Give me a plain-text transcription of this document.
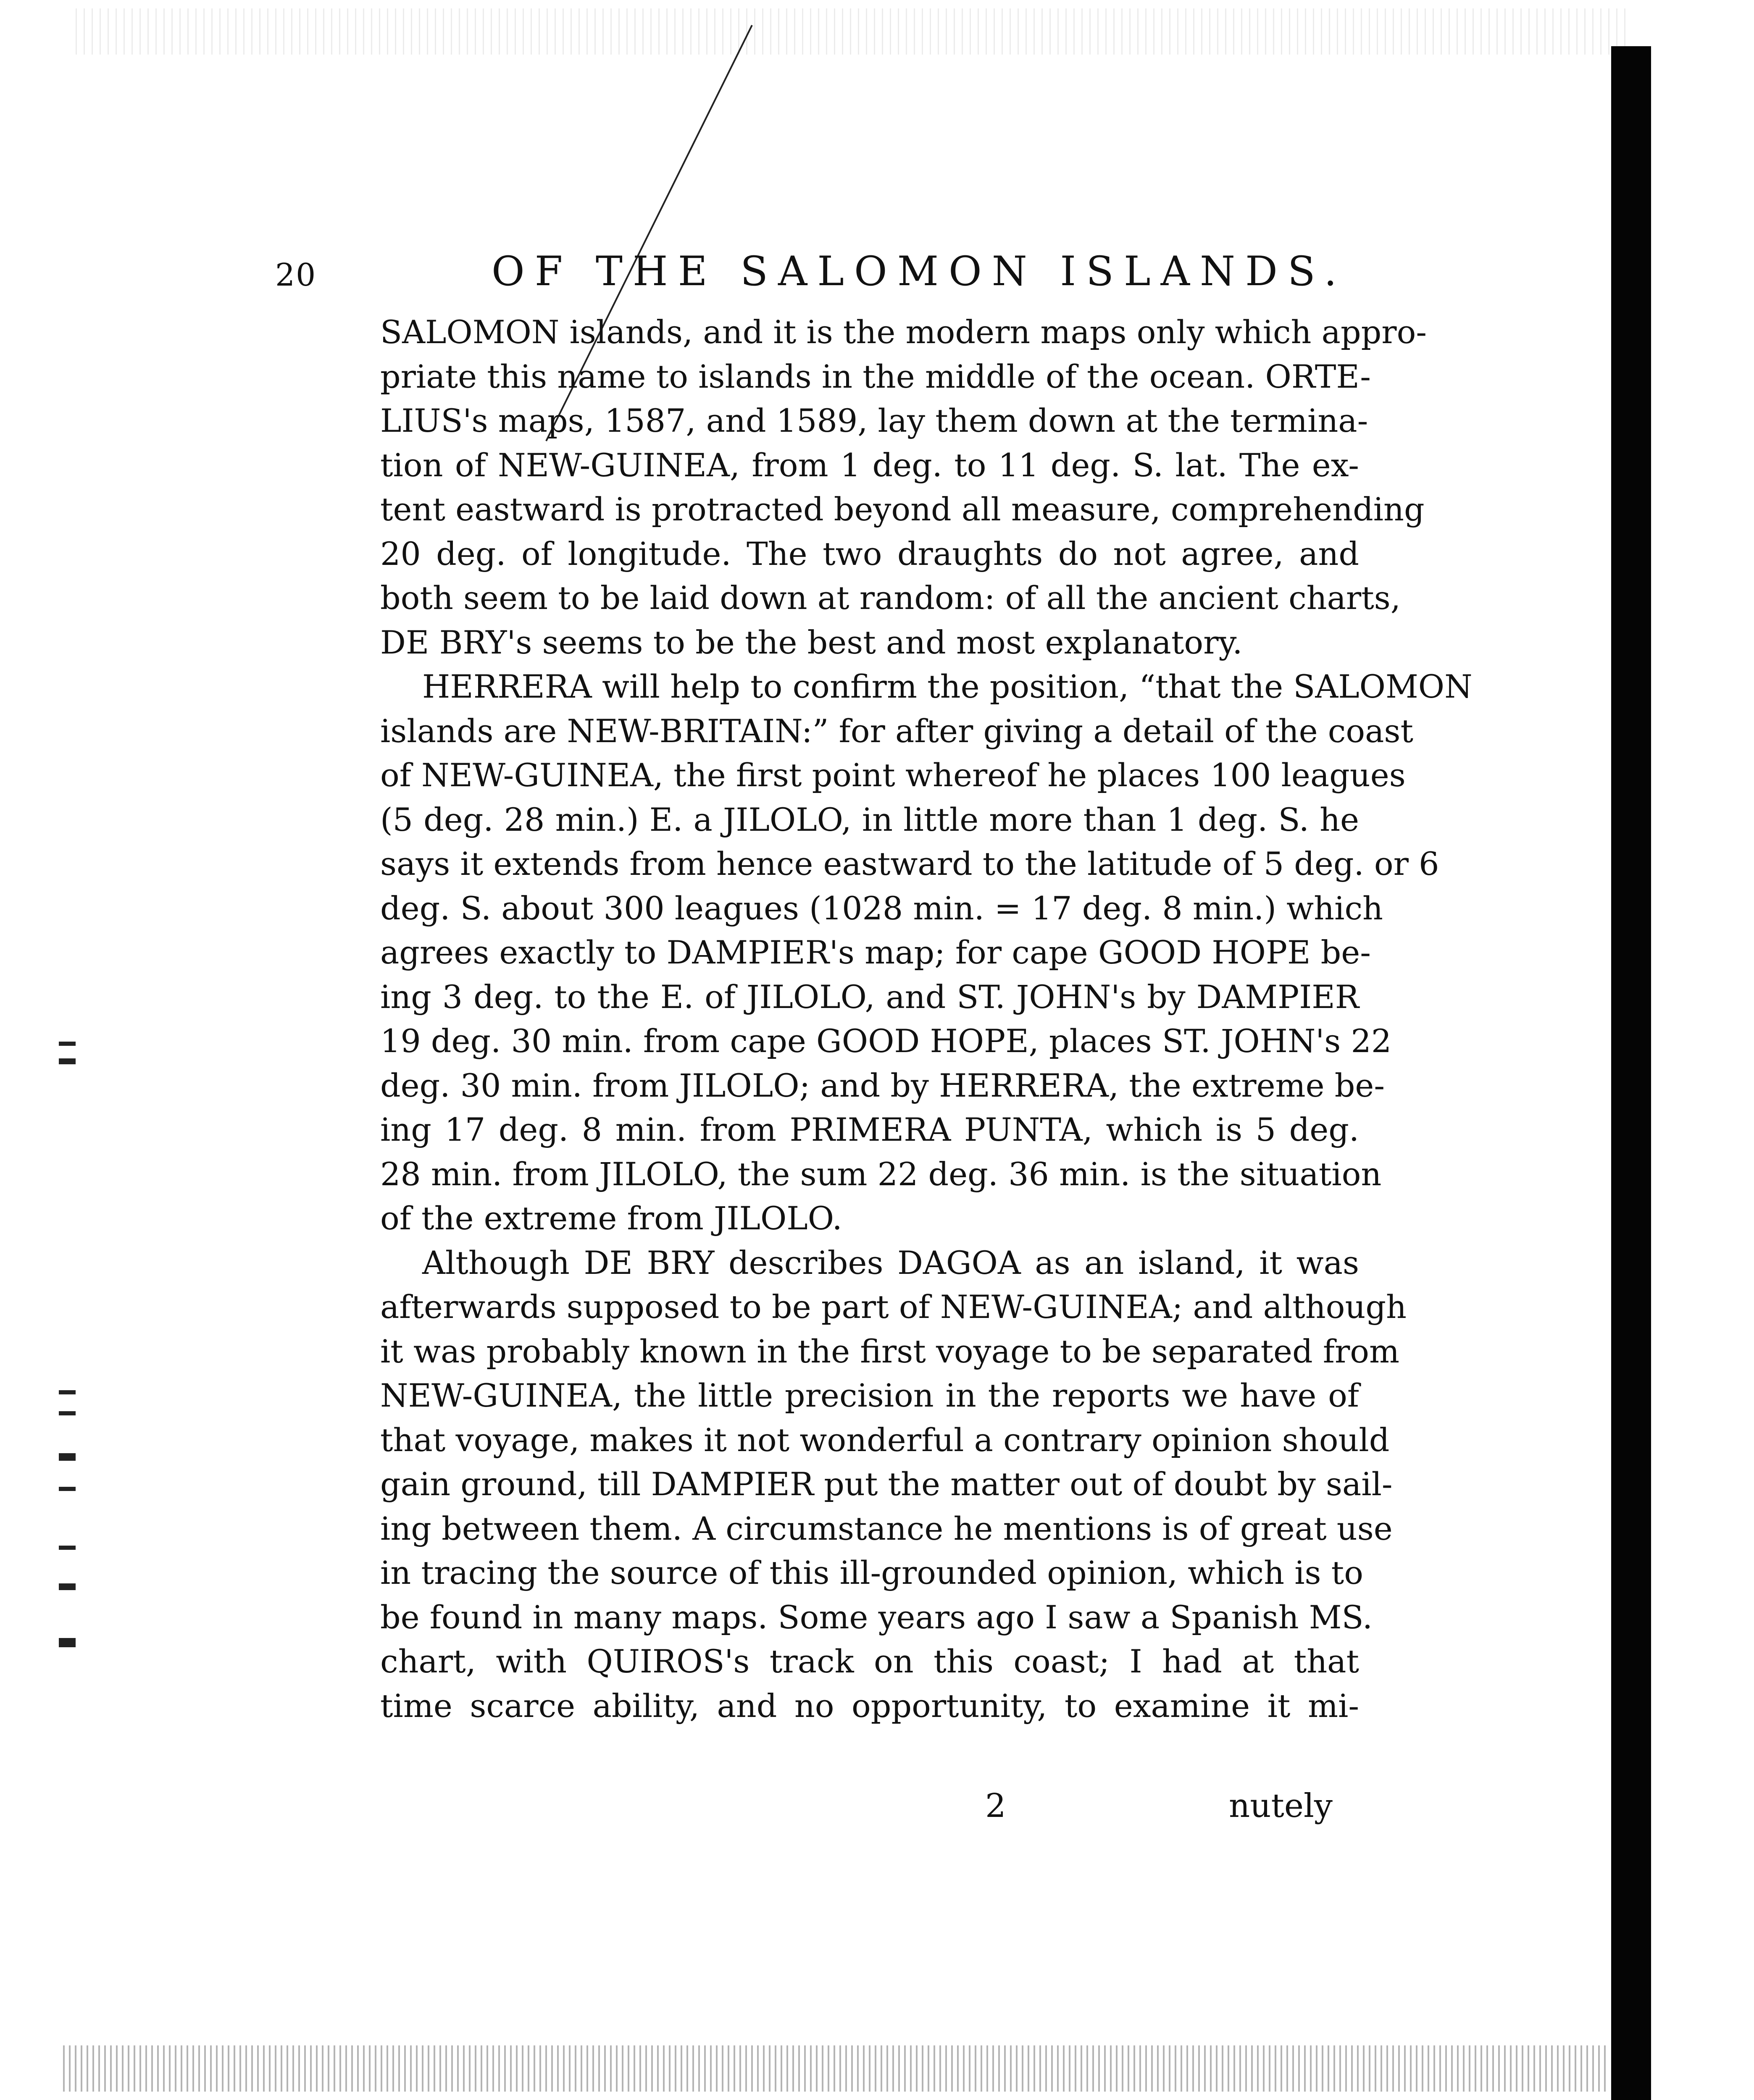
20	OF THE SALOMON ISLANDS.
SALOMON islands, and it is the modern maps only which appro-
priate this name to islands in the middle of the ocean. ORTE-
LIUS's maps, 1587, and 1589, lay them down at the termina-
tion of NEW-GUINEA, from 1 deg. to 11 deg. S. lat. The ex-
tent eastward is protracted beyond all measure, comprehending
20 deg. of longitude. The two draughts do not agree, and
both seem to be laid down at random: of all the ancient charts,
DE BRY's seems to be the best and most explanatory.
HERRERA will help to confirm the position, “that the SALOMON
islands are NEW-BRITAIN:” for after giving a detail of the coast
of NEW-GUINEA, the first point whereof he places 100 leagues
(5 deg. 28 min.) E. a JILOLO, in little more than 1 deg. S. he
says it extends from hence eastward to the latitude of 5 deg. or 6
deg. S. about 300 leagues (1028 min. = 17 deg. 8 min.) which
agrees exactly to DAMPIER's map; for cape GOOD HOPE be-
ing 3 deg. to the E. of JILOLO, and ST. JOHN's by DAMPIER
19 deg. 30 min. from cape GOOD HOPE, places ST. JOHN's 22
deg. 30 min. from JILOLO; and by HERRERA, the extreme be-
ing 17 deg. 8 min. from PRIMERA PUNTA, which is 5 deg.
28 min. from JILOLO, the sum 22 deg. 36 min. is the situation
of the extreme from JILOLO.
Although DE BRY describes DAGOA as an island, it was
afterwards supposed to be part of NEW-GUINEA; and although
it was probably known in the first voyage to be separated from
NEW-GUINEA, the little precision in the reports we have of
that voyage, makes it not wonderful a contrary opinion should
gain ground, till DAMPIER put the matter out of doubt by sail-
ing between them. A circumstance he mentions is of great use
in tracing the source of this ill-grounded opinion, which is to
be found in many maps. Some years ago I saw a Spanish MS.
chart, with QUIROS's track on this coast; I had at that
time scarce ability, and no opportunity, to examine it mi-
2	nutely
